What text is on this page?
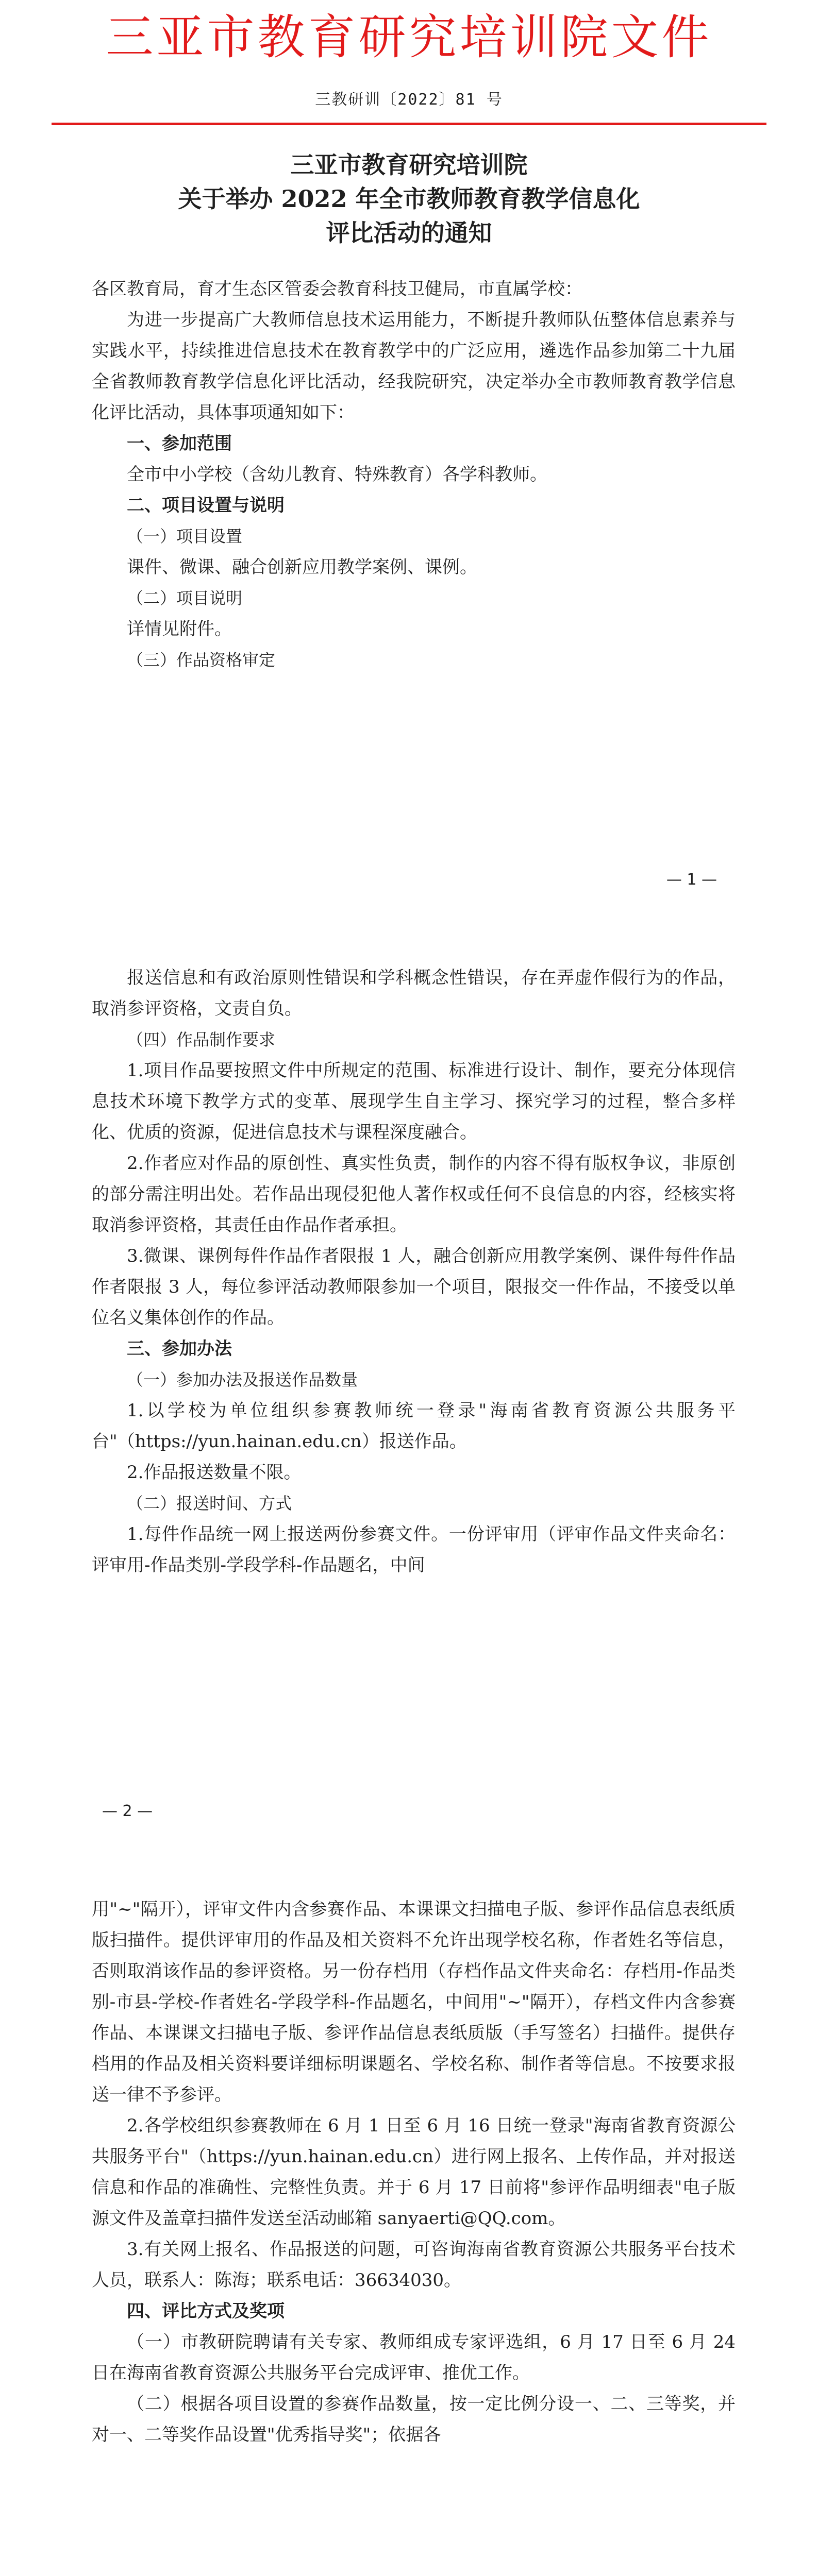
三亚市教育研究培训院文件
三教研训〔2022〕81 号
三亚市教育研究培训院
关于举办 2022 年全市教师教育教学信息化
评比活动的通知

各区教育局，育才生态区管委会教育科技卫健局，市直属学校：

为进一步提高广大教师信息技术运用能力，不断提升教师队伍整体信息素养与实践水平，持续推进信息技术在教育教学中的广泛应用，遴选作品参加第二十九届全省教师教育教学信息化评比活动，经我院研究，决定举办全市教师教育教学信息化评比活动，具体事项通知如下：

一、参加范围

全市中小学校（含幼儿教育、特殊教育）各学科教师。

二、项目设置与说明

（一）项目设置

课件、微课、融合创新应用教学案例、课例。

（二）项目说明

详情见附件。

（三）作品资格审定

— 1 —

报送信息和有政治原则性错误和学科概念性错误，存在弄虚作假行为的作品，取消参评资格，文责自负。

（四）作品制作要求

1.项目作品要按照文件中所规定的范围、标准进行设计、制作，要充分体现信息技术环境下教学方式的变革、展现学生自主学习、探究学习的过程，整合多样化、优质的资源，促进信息技术与课程深度融合。

2.作者应对作品的原创性、真实性负责，制作的内容不得有版权争议，非原创的部分需注明出处。若作品出现侵犯他人著作权或任何不良信息的内容，经核实将取消参评资格，其责任由作品作者承担。

3.微课、课例每件作品作者限报 1 人，融合创新应用教学案例、课件每件作品作者限报 3 人，每位参评活动教师限参加一个项目，限报交一件作品，不接受以单位名义集体创作的作品。

三、参加办法

（一）参加办法及报送作品数量

1.以学校为单位组织参赛教师统一登录"海南省教育资源公共服务平台"（https://yun.hainan.edu.cn）报送作品。

2.作品报送数量不限。

（二）报送时间、方式

1.每件作品统一网上报送两份参赛文件。一份评审用（评审作品文件夹命名：评审用-作品类别-学段学科-作品题名，中间

— 2 —

用"~"隔开），评审文件内含参赛作品、本课课文扫描电子版、参评作品信息表纸质版扫描件。提供评审用的作品及相关资料不允许出现学校名称，作者姓名等信息，否则取消该作品的参评资格。另一份存档用（存档作品文件夹命名：存档用-作品类别-市县-学校-作者姓名-学段学科-作品题名，中间用"~"隔开），存档文件内含参赛作品、本课课文扫描电子版、参评作品信息表纸质版（手写签名）扫描件。提供存档用的作品及相关资料要详细标明课题名、学校名称、制作者等信息。不按要求报送一律不予参评。

2.各学校组织参赛教师在 6 月 1 日至 6 月 16 日统一登录"海南省教育资源公共服务平台"（https://yun.hainan.edu.cn）进行网上报名、上传作品，并对报送信息和作品的准确性、完整性负责。并于 6 月 17 日前将"参评作品明细表"电子版源文件及盖章扫描件发送至活动邮箱 sanyaerti@QQ.com。

3.有关网上报名、作品报送的问题，可咨询海南省教育资源公共服务平台技术人员，联系人：陈海；联系电话：36634030。

四、评比方式及奖项

（一）市教研院聘请有关专家、教师组成专家评选组，6 月 17 日至 6 月 24 日在海南省教育资源公共服务平台完成评审、推优工作。

（二）根据各项目设置的参赛作品数量，按一定比例分设一、二、三等奖，并对一、二等奖作品设置"优秀指导奖"；依据各
